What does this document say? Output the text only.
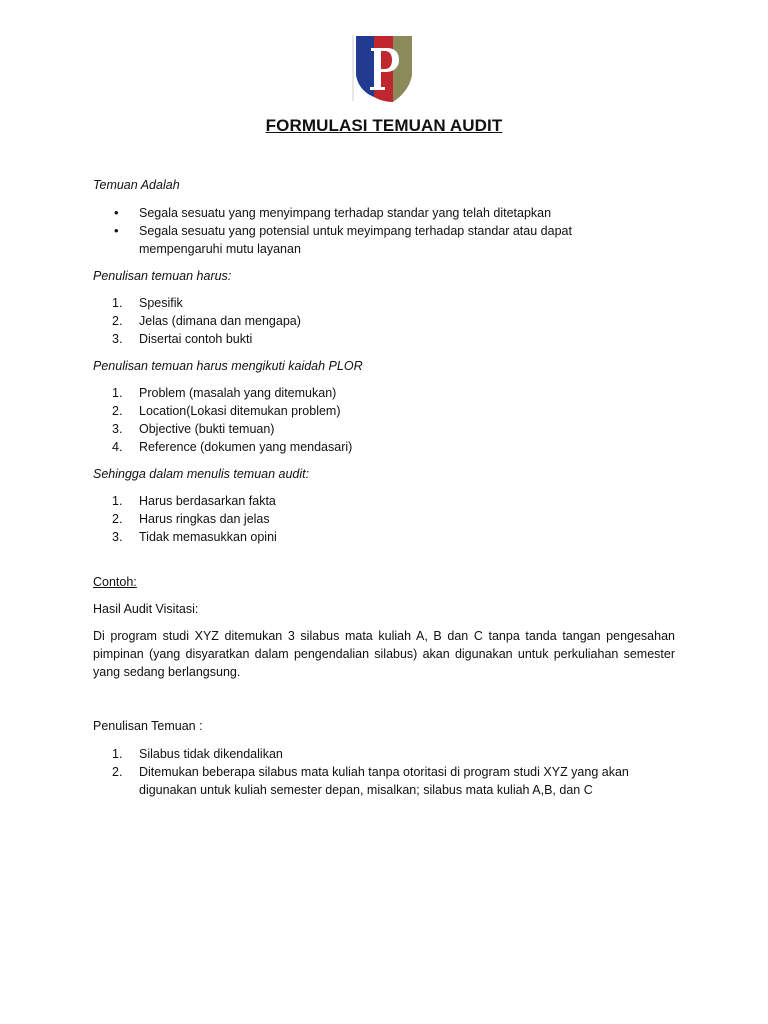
FORMULASI TEMUAN AUDIT
Temuan Adalah
• Segala sesuatu yang menyimpang terhadap standar yang telah ditetapkan
• Segala sesuatu yang potensial untuk meyimpang terhadap standar atau dapat mempengaruhi mutu layanan
Penulisan temuan harus:
1. Spesifik
2. Jelas (dimana dan mengapa)
3. Disertai contoh bukti
Penulisan temuan harus mengikuti kaidah PLOR
1. Problem (masalah yang ditemukan)
2. Location(Lokasi ditemukan problem)
3. Objective (bukti temuan)
4. Reference (dokumen yang mendasari)
Sehingga dalam menulis temuan audit:
1. Harus berdasarkan fakta
2. Harus ringkas dan jelas
3. Tidak memasukkan opini
Contoh:
Hasil Audit Visitasi:
Di program studi XYZ ditemukan 3 silabus mata kuliah A, B dan C tanpa tanda tangan pengesahan pimpinan (yang disyaratkan dalam pengendalian silabus) akan digunakan untuk perkuliahan semester yang sedang berlangsung.
Penulisan Temuan :
1. Silabus tidak dikendalikan
2. Ditemukan beberapa silabus mata kuliah tanpa otoritasi di program studi XYZ yang akan digunakan untuk kuliah semester depan, misalkan; silabus mata kuliah A,B, dan C
